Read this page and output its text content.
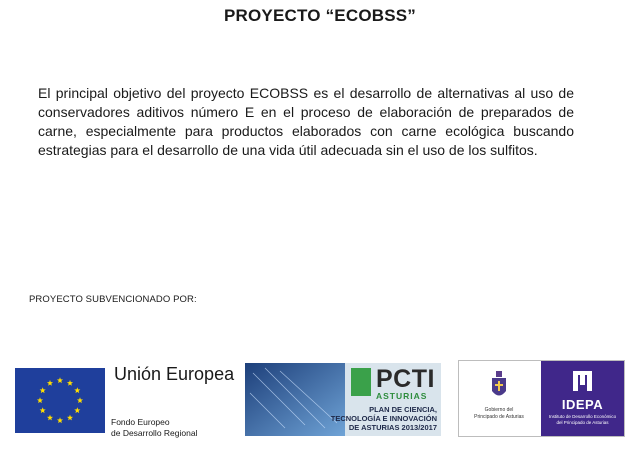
PROYECTO “ECOBSS”

El principal objetivo del proyecto ECOBSS es el desarrollo de alternativas al uso de conservadores aditivos número E en el proceso de elaboración de preparados de carne, especialmente para productos elaborados con carne ecológica buscando estrategias para el desarrollo de una vida útil adecuada sin el uso de los sulfitos.

PROYECTO SUBVENCIONADO POR:
Unión Europea
Fondo Europeo
de Desarrollo Regional
PCTI
ASTURIAS
PLAN DE CIENCIA,
TECNOLOGÍA E INNOVACIÓN
DE ASTURIAS 2013/2017
Gobierno del
Principado de Asturias
IDEPA
Instituto de Desarrollo Económico
del Principado de Asturias
